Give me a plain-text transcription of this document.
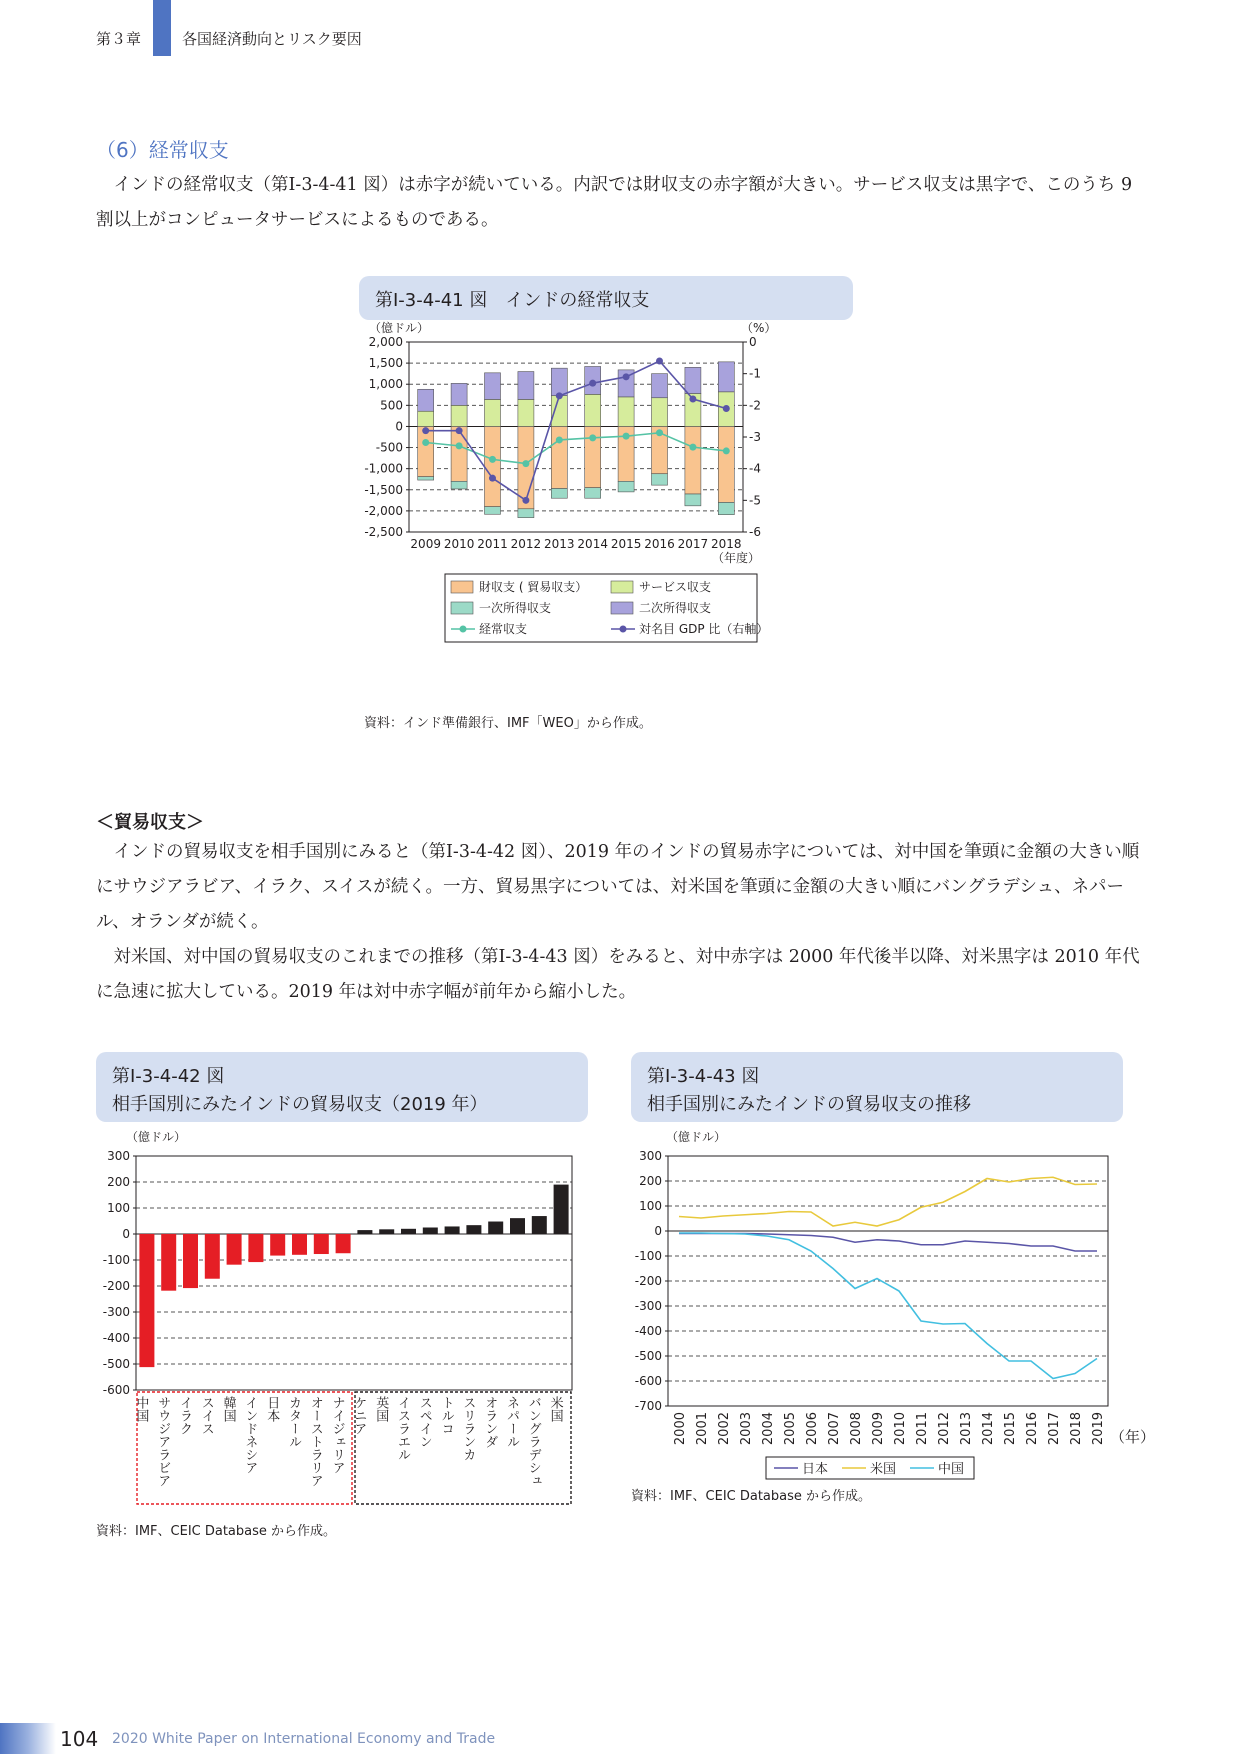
第３章	各国経済動向とリスク要因
（6）経常収支

インドの経常収支（第Ⅰ-3-4-41 図）は赤字が続いている。内訳では財収支の赤字額が大きい。サービス収支は黒字で、このうち 9 割以上がコンピュータサービスによるものである。

第Ⅰ-3-4-41 図　インドの経常収支
（億ドル）	（%）
2,000
1,500
1,000
500
0
-500
-1,000
-1,500
-2,000
-2,500
0
-1
-2
-3
-4
-5
-6
2009 2010 2011 2012 2013 2014 2015 2016 2017 2018
（年度）
財収支 ( 貿易収支）	サービス収支
一次所得収支	二次所得収支
経常収支	対名目 GDP 比（右軸）
資料：インド準備銀行、IMF「WEO」から作成。
＜貿易収支＞

インドの貿易収支を相手国別にみると（第Ⅰ-3-4-42 図）、2019 年のインドの貿易赤字については、対中国を筆頭に金額の大きい順にサウジアラビア、イラク、スイスが続く。一方、貿易黒字については、対米国を筆頭に金額の大きい順にバングラデシュ、ネパール、オランダが続く。

対米国、対中国の貿易収支のこれまでの推移（第Ⅰ-3-4-43 図）をみると、対中赤字は 2000 年代後半以降、対米黒字は 2010 年代に急速に拡大している。2019 年は対中赤字幅が前年から縮小した。

第Ⅰ-3-4-42 図
相手国別にみたインドの貿易収支（2019 年）
（億ドル）
300
200
100
0
-100
-200
-300
-400
-500
-600
中国 サウジアラビア イラク スイス 韓国 インドネシア 日本 カタール オーストラリア ナイジェリア ケニア 英国 イスラエル スペイン トルコ スリランカ オランダ ネパール バングラデシュ 米国
資料：IMF、CEIC Database から作成。
第Ⅰ-3-4-43 図
相手国別にみたインドの貿易収支の推移
（億ドル）
300
200
100
0
-100
-200
-300
-400
-500
-600
-700
2000 2001 2002 2003 2004 2005 2006 2007 2008 2009 2010 2011 2012 2013 2014 2015 2016 2017 2018 2019 （年）
日本	米国	中国
資料：IMF、CEIC Database から作成。
104 2020 White Paper on International Economy and Trade
